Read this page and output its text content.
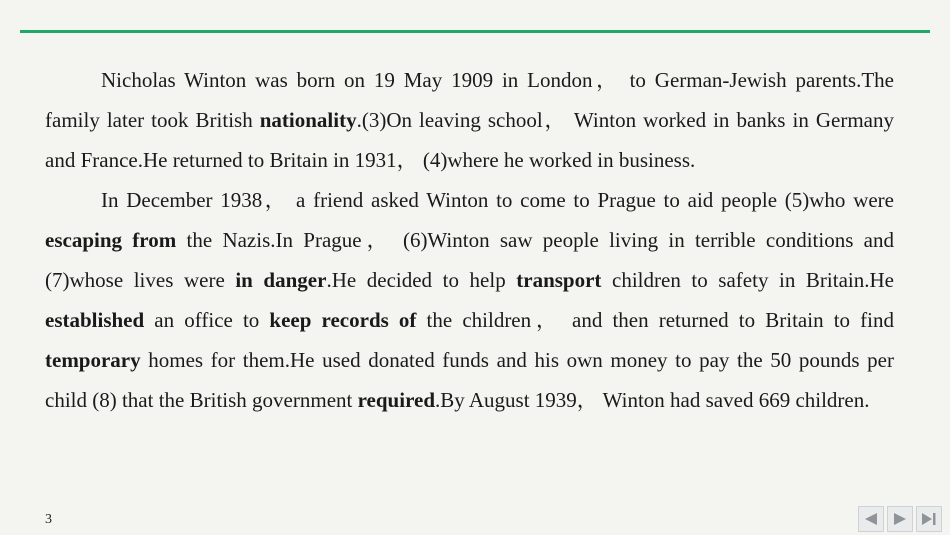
Nicholas Winton was born on 19 May 1909 in London， to German-Jewish parents.The family later took British nationality.(3)On leaving school， Winton worked in banks in Germany and France.He returned to Britain in 1931， (4)where he worked in business.

In December 1938， a friend asked Winton to come to Prague to aid people (5)who were escaping from the Nazis.In Prague， (6)Winton saw people living in terrible conditions and (7)whose lives were in danger.He decided to help transport children to safety in Britain.He established an office to keep records of the children， and then returned to Britain to find temporary homes for them.He used donated funds and his own money to pay the 50 pounds per child (8) that the British government required.By August 1939， Winton had saved 669 children.

3
